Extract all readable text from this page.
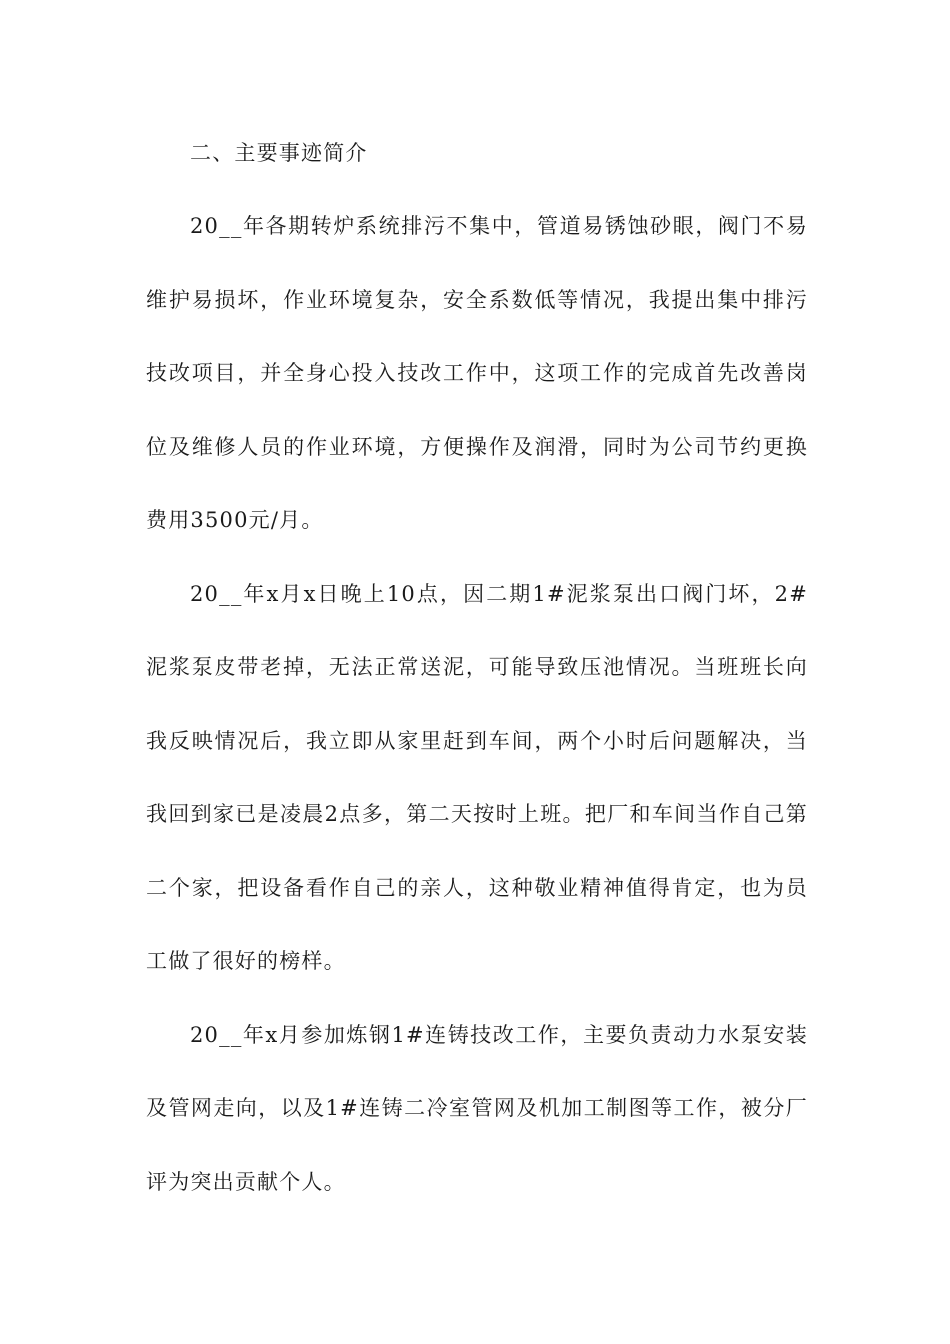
二、主要事迹简介

20__年各期转炉系统排污不集中，管道易锈蚀砂眼，阀门不易维护易损坏，作业环境复杂，安全系数低等情况，我提出集中排污技改项目，并全身心投入技改工作中，这项工作的完成首先改善岗位及维修人员的作业环境，方便操作及润滑，同时为公司节约更换费用3500元/月。

20__年x月x日晚上10点，因二期1#泥浆泵出口阀门坏，2#泥浆泵皮带老掉，无法正常送泥，可能导致压池情况。当班班长向我反映情况后，我立即从家里赶到车间，两个小时后问题解决，当我回到家已是凌晨2点多，第二天按时上班。把厂和车间当作自己第二个家，把设备看作自己的亲人，这种敬业精神值得肯定，也为员工做了很好的榜样。

20__年x月参加炼钢1#连铸技改工作，主要负责动力水泵安装及管网走向，以及1#连铸二冷室管网及机加工制图等工作，被分厂评为突出贡献个人。
